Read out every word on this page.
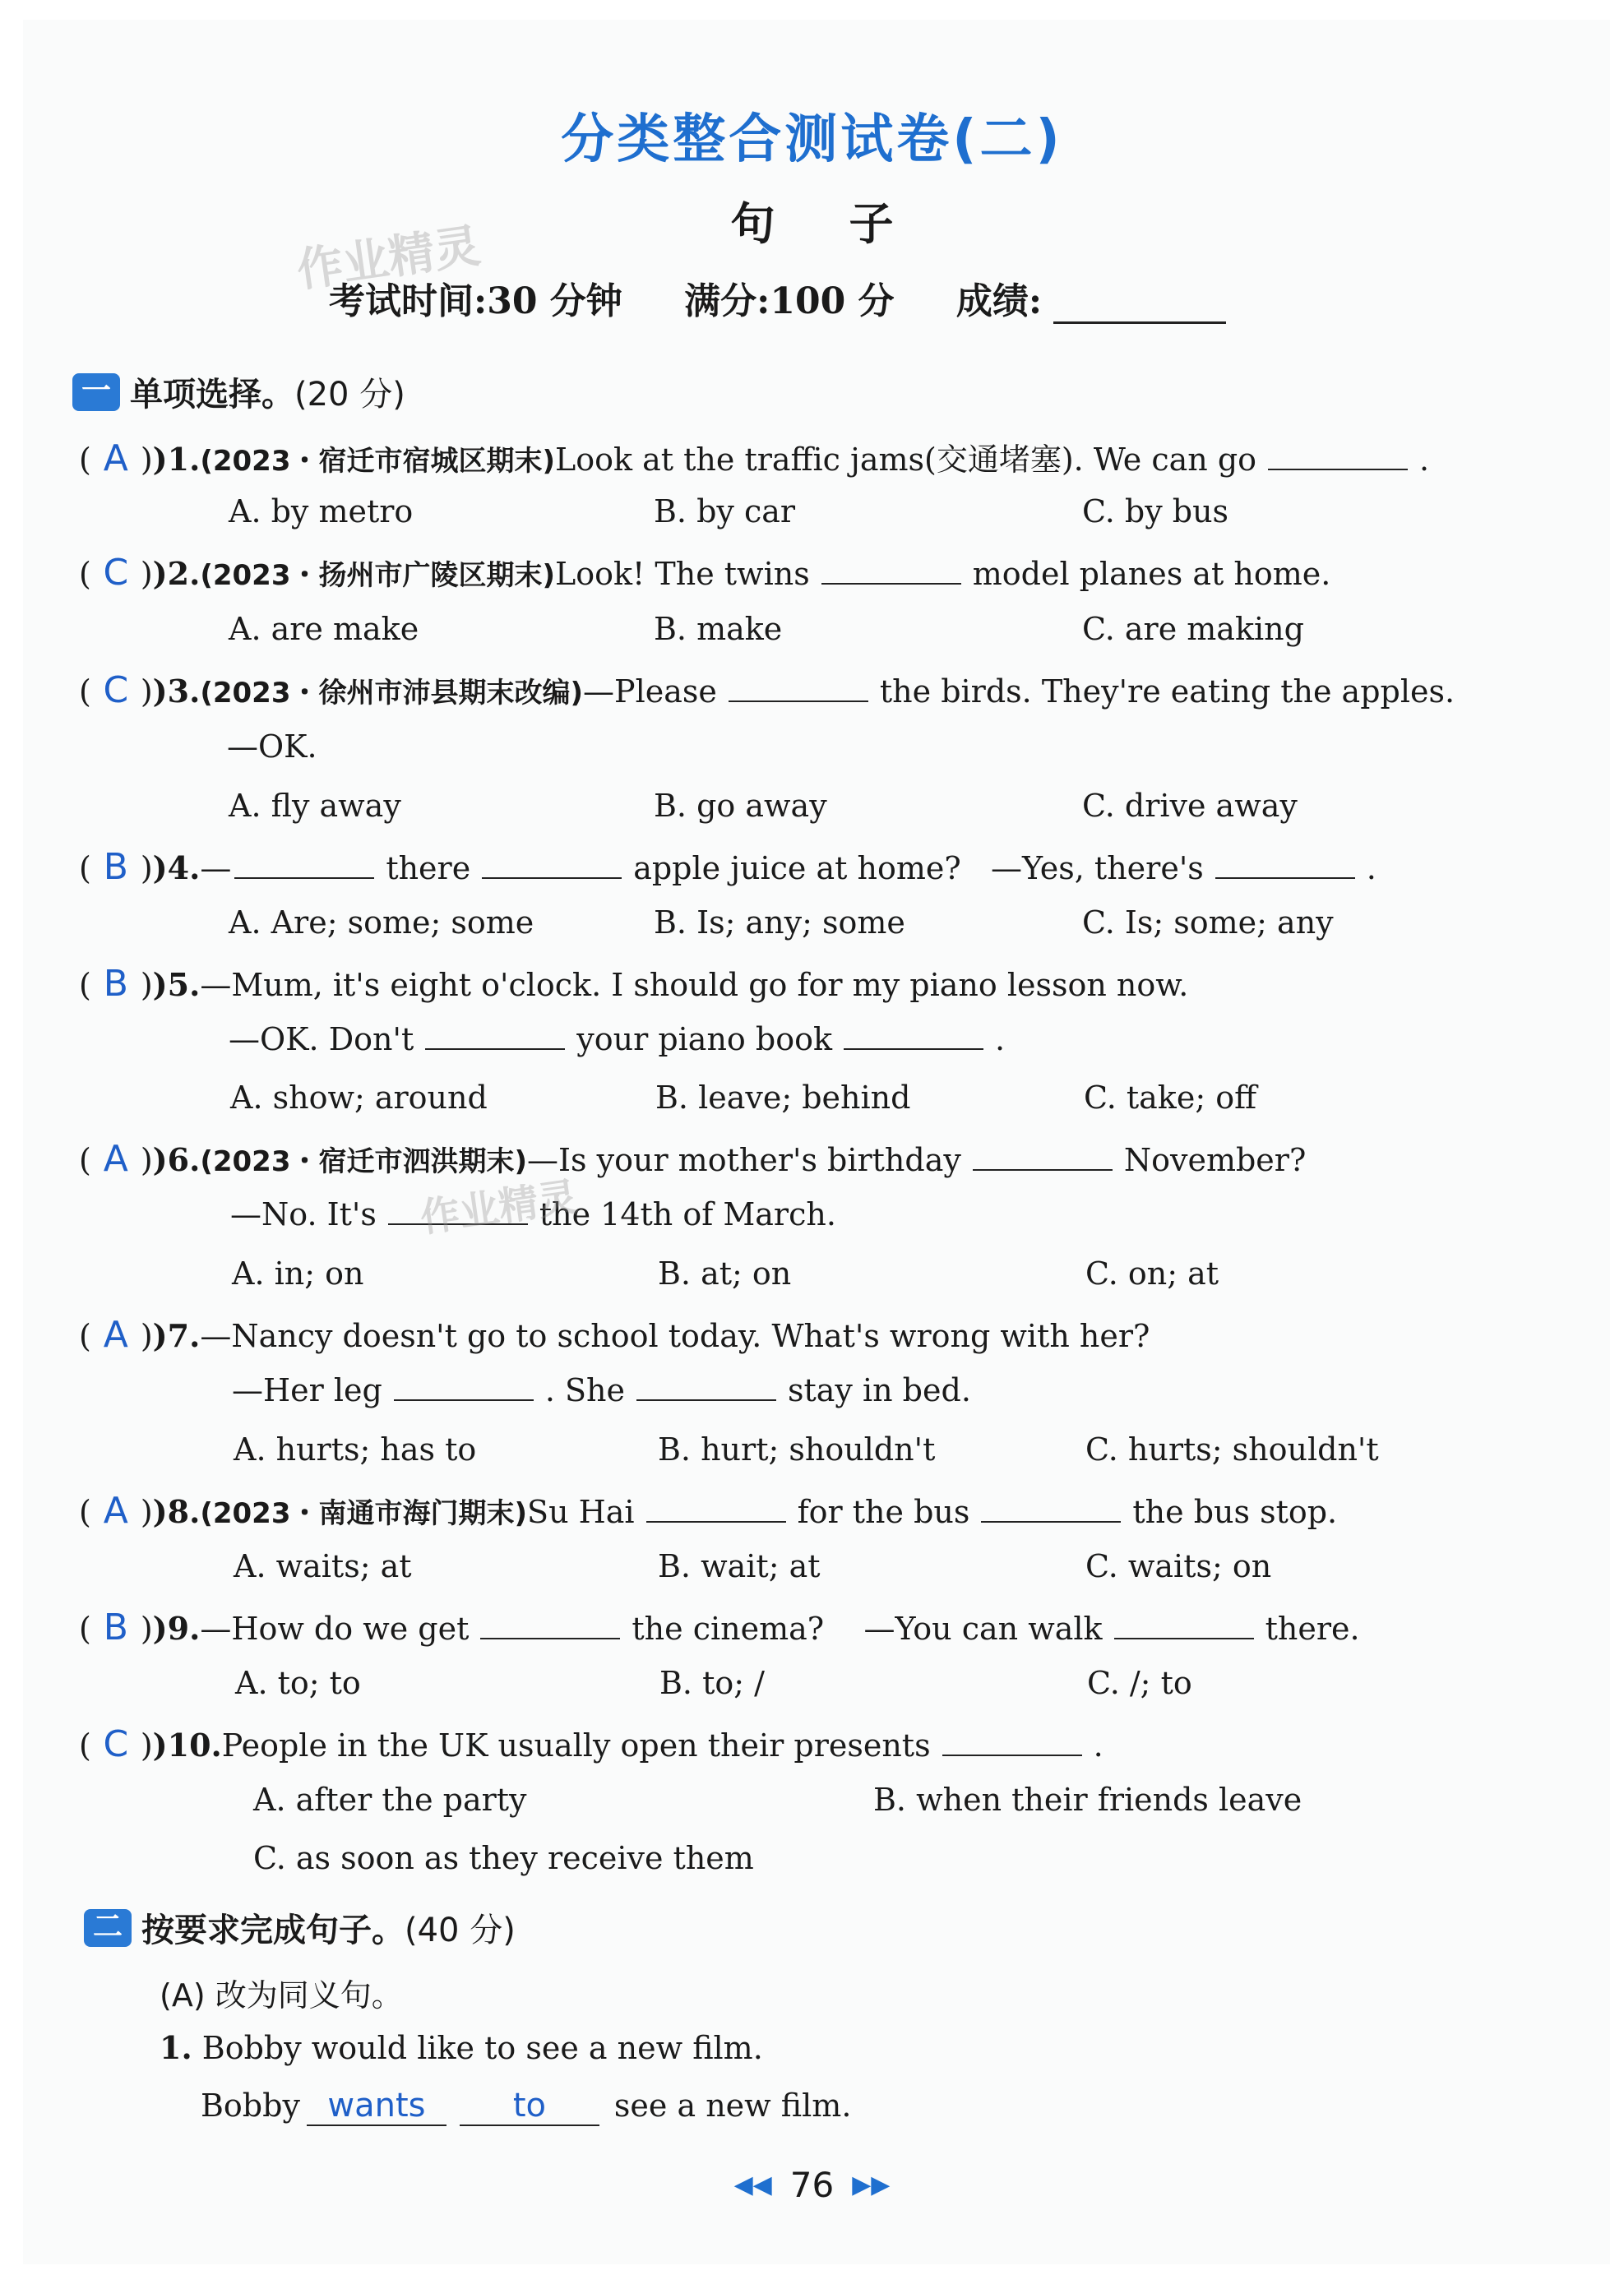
分类整合测试卷(二)
句子
作业精灵
考试时间:30 分钟 满分:100 分 成绩:
一 单项选择。(20 分)
( A ))1.(2023・宿迁市宿城区期末)Look at the traffic jams(交通堵塞). We can go	.
A. by metro	B. by car	C. by bus
( C ))2.(2023・扬州市广陵区期末)Look! The twins	model planes at home.
A. are make	B. make	C. are making
( C ))3.(2023・徐州市沛县期末改编)—Please	the birds. They're eating the apples.
—OK.
A. fly away	B. go away	C. drive away
( B ))4.—	there	apple juice at home? —Yes, there's	.
A. Are; some; some	B. Is; any; some	C. Is; some; any
( B ))5.—Mum, it's eight o'clock. I should go for my piano lesson now.
—OK. Don't	your piano book	.
A. show; around	B. leave; behind	C. take; off
( A ))6.(2023・宿迁市泗洪期末)—Is your mother's birthday	November?
—No. It's	the 14th of March.
作业精灵
A. in; on	B. at; on	C. on; at
( A ))7.—Nancy doesn't go to school today. What's wrong with her?
—Her leg	. She	stay in bed.
A. hurts; has to	B. hurt; shouldn't	C. hurts; shouldn't
( A ))8.(2023・南通市海门期末)Su Hai	for the bus	the bus stop.
A. waits; at	B. wait; at	C. waits; on
( B ))9.—How do we get	the cinema? —You can walk	there.
A. to; to	B. to; /	C. /; to
( C ))10.People in the UK usually open their presents	.
A. after the party	B. when their friends leave
C. as soon as they receive them
二 按要求完成句子。(40 分)
(A) 改为同义句。
1. Bobby would like to see a new film.
Bobby wants	to see a new film.
◀◀ 76 ▶▶
